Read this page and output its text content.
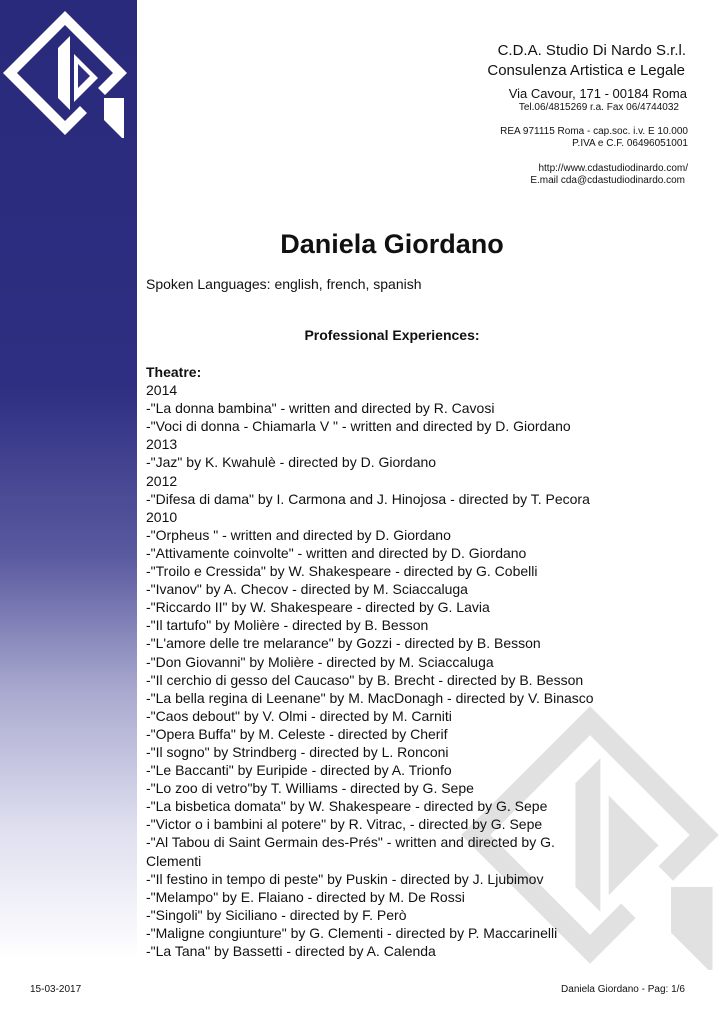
C.D.A. Studio Di Nardo S.r.l.
Consulenza Artistica e Legale
Via Cavour, 171 - 00184 Roma
Tel.06/4815269 r.a. Fax 06/4744032
REA 971115 Roma - cap.soc. i.v. E 10.000
P.IVA e C.F. 06496051001
http://www.cdastudiodinardo.com/
E.mail cda@cdastudiodinardo.com
Daniela Giordano
Spoken Languages: english, french, spanish
Professional Experiences:
Theatre:
2014
-"La donna bambina" - written and directed by R. Cavosi
-"Voci di donna - Chiamarla V " - written and directed by D. Giordano
2013
-"Jaz" by K. Kwahulè - directed by D. Giordano
2012
-"Difesa di dama" by I. Carmona and J. Hinojosa - directed by T. Pecora
2010
-"Orpheus " - written and directed by D. Giordano
-"Attivamente coinvolte" - written and directed by D. Giordano
-"Troilo e Cressida" by W. Shakespeare - directed by G. Cobelli
-"Ivanov" by A. Checov - directed by M. Sciaccaluga
-"Riccardo II" by W. Shakespeare - directed by G. Lavia
-"Il tartufo" by Molière - directed by B. Besson
-"L'amore delle tre melarance" by Gozzi - directed by B. Besson
-"Don Giovanni" by Molière - directed by M. Sciaccaluga
-"Il cerchio di gesso del Caucaso" by B. Brecht - directed by B. Besson
-"La bella regina di Leenane" by M. MacDonagh - directed by V. Binasco
-"Caos debout" by V. Olmi - directed by M. Carniti
-"Opera Buffa" by M. Celeste - directed by Cherif
-"Il sogno" by Strindberg - directed by L. Ronconi
-"Le Baccanti" by Euripide - directed by A. Trionfo
-"Lo zoo di vetro"by T. Williams - directed by G. Sepe
-"La bisbetica domata" by W. Shakespeare - directed by G. Sepe
-"Victor o i bambini al potere" by R. Vitrac, - directed by G. Sepe
-"Al Tabou di Saint Germain des-Prés" - written and directed by G.
Clementi
-"Il festino in tempo di peste" by Puskin - directed by J. Ljubimov
-"Melampo" by E. Flaiano - directed by M. De Rossi
-"Singoli" by Siciliano - directed by F. Però
-"Maligne congiunture" by G. Clementi - directed by P. Maccarinelli
-"La Tana" by Bassetti - directed by A. Calenda
15-03-2017	Daniela Giordano - Pag: 1/6
